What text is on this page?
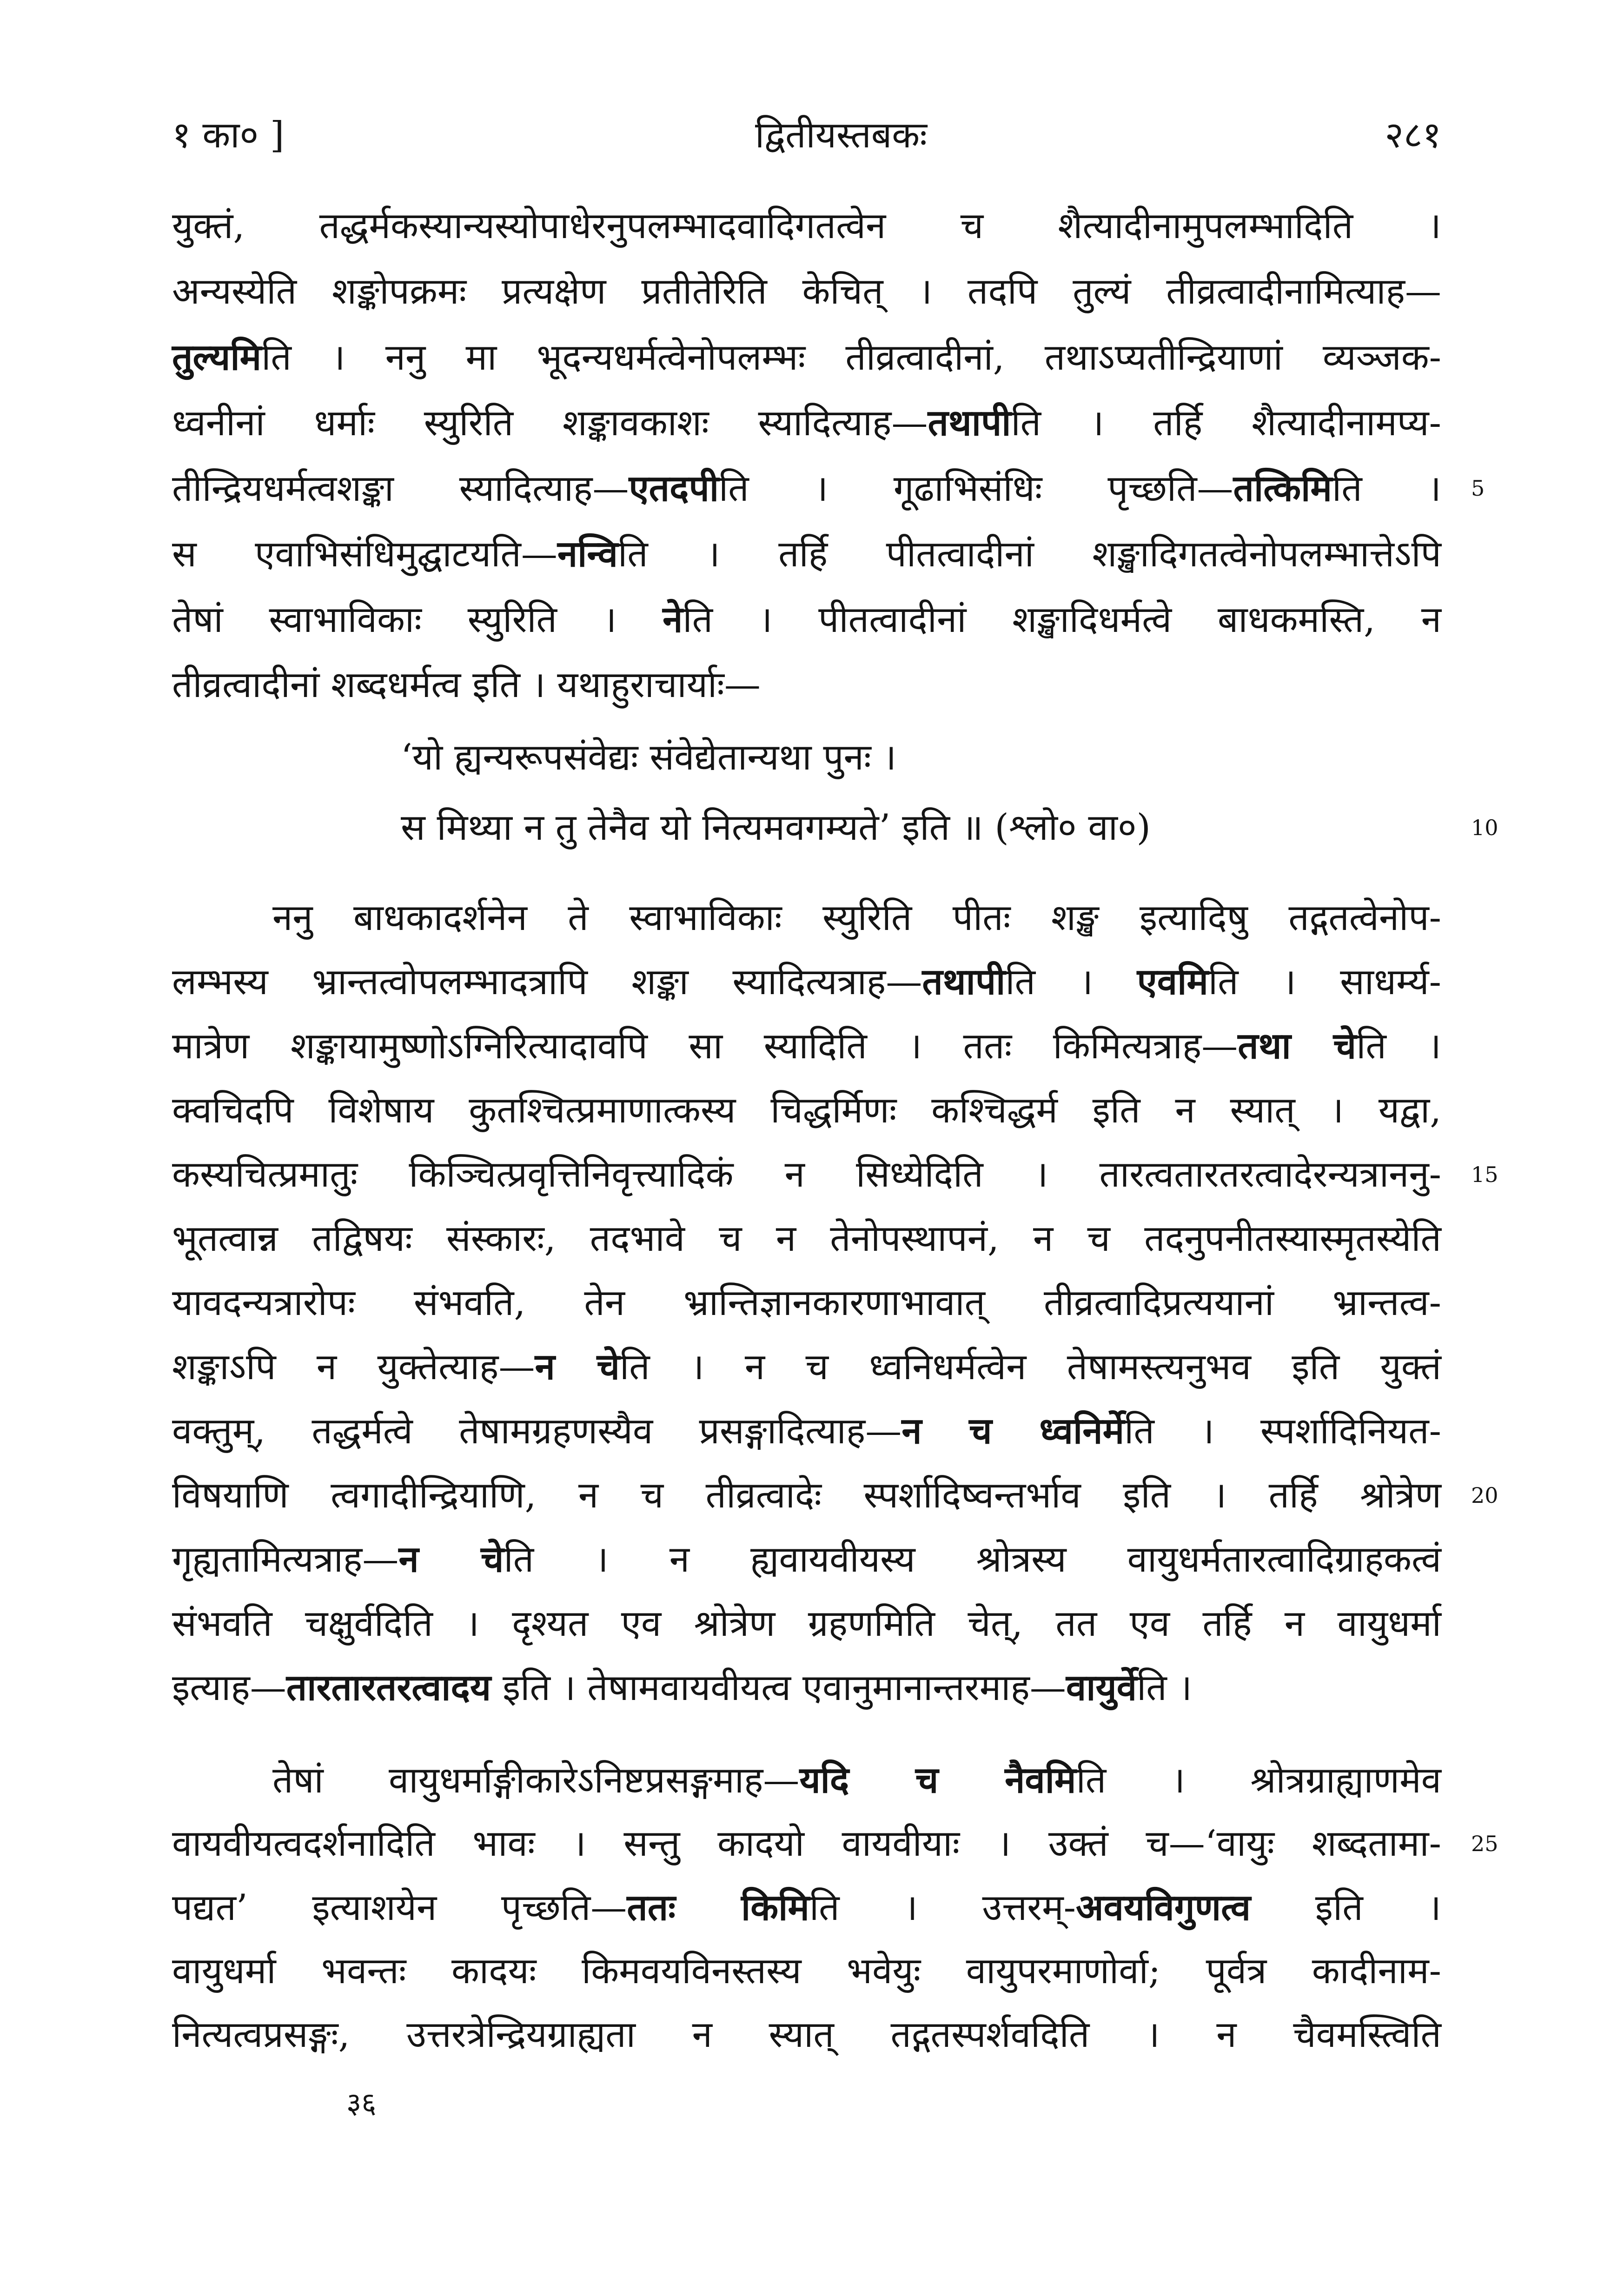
१ का० ]	द्वितीयस्तबकः	२८१
युक्तं, तद्धर्मकस्यान्यस्योपाधेरनुपलम्भादवादिगतत्वेन च शैत्यादीनामुपलम्भादिति ।
अन्यस्येति शङ्कोपक्रमः प्रत्यक्षेण प्रतीतेरिति केचित् । तदपि तुल्यं तीव्रत्वादीनामित्याह—
तुल्यमिति । ननु मा भूदन्यधर्मत्वेनोपलम्भः तीव्रत्वादीनां, तथाऽप्यतीन्द्रियाणां व्यञ्जक-
ध्वनीनां धर्माः स्युरिति शङ्कावकाशः स्यादित्याह—तथापीति । तर्हि शैत्यादीनामप्य-
तीन्द्रियधर्मत्वशङ्का स्यादित्याह—एतदपीति । गूढाभिसंधिः पृच्छति—तत्किमिति । 5
स एवाभिसंधिमुद्घाटयति—नन्विति । तर्हि पीतत्वादीनां शङ्खादिगतत्वेनोपलम्भात्तेऽपि
तेषां स्वाभाविकाः स्युरिति । नेति । पीतत्वादीनां शङ्खादिधर्मत्वे बाधकमस्ति, न
तीव्रत्वादीनां शब्दधर्मत्व इति । यथाहुराचार्याः—
‘यो ह्यन्यरूपसंवेद्यः संवेद्येतान्यथा पुनः ।
स मिथ्या न तु तेनैव यो नित्यमवगम्यते’ इति ॥ (श्लो० वा०)	10
ननु बाधकादर्शनेन ते स्वाभाविकाः स्युरिति पीतः शङ्ख इत्यादिषु तद्गतत्वेनोप-
लम्भस्य भ्रान्तत्वोपलम्भादत्रापि शङ्का स्यादित्यत्राह—तथापीति । एवमिति । साधर्म्य-
मात्रेण शङ्कायामुष्णोऽग्निरित्यादावपि सा स्यादिति । ततः किमित्यत्राह—तथा चेति ।
क्वचिदपि विशेषाय कुतश्चित्प्रमाणात्कस्य चिद्धर्मिणः कश्चिद्धर्म इति न स्यात् । यद्वा,
कस्यचित्प्रमातुः किञ्चित्प्रवृत्तिनिवृत्त्यादिकं न सिध्येदिति । तारत्वतारतरत्वादेरन्यत्राननु- 15
भूतत्वान्न तद्विषयः संस्कारः, तदभावे च न तेनोपस्थापनं, न च तदनुपनीतस्यास्मृतस्येति
यावदन्यत्रारोपः संभवति, तेन भ्रान्तिज्ञानकारणाभावात् तीव्रत्वादिप्रत्ययानां भ्रान्तत्व-
शङ्काऽपि न युक्तेत्याह—न चेति । न च ध्वनिधर्मत्वेन तेषामस्त्यनुभव इति युक्तं
वक्तुम्, तद्धर्मत्वे तेषामग्रहणस्यैव प्रसङ्गादित्याह—न च ध्वनिर्मेति । स्पर्शादिनियत-
विषयाणि त्वगादीन्द्रियाणि, न च तीव्रत्वादेः स्पर्शादिष्वन्तर्भाव इति । तर्हि श्रोत्रेण 20
गृह्यतामित्यत्राह—न चेति । न ह्यवायवीयस्य श्रोत्रस्य वायुधर्मतारत्वादिग्राहकत्वं
संभवति चक्षुर्वदिति । दृश्यत एव श्रोत्रेण ग्रहणमिति चेत्, तत एव तर्हि न वायुधर्मा
इत्याह—तारतारतरत्वादय इति । तेषामवायवीयत्व एवानुमानान्तरमाह—वायुर्वेति ।
तेषां वायुधर्माङ्गीकारेऽनिष्टप्रसङ्गमाह—यदि च नैवमिति । श्रोत्रग्राह्याणमेव
वायवीयत्वदर्शनादिति भावः । सन्तु कादयो वायवीयाः । उक्तं च—‘वायुः शब्दतामा- 25
पद्यत’ इत्याशयेन पृच्छति—ततः किमिति । उत्तरम्-अवयविगुणत्व इति ।
वायुधर्मा भवन्तः कादयः किमवयविनस्तस्य भवेयुः वायुपरमाणोर्वा; पूर्वत्र कादीनाम-
नित्यत्वप्रसङ्गः, उत्तरत्रेन्द्रियग्राह्यता न स्यात् तद्गतस्पर्शवदिति । न चैवमस्त्विति
३६
